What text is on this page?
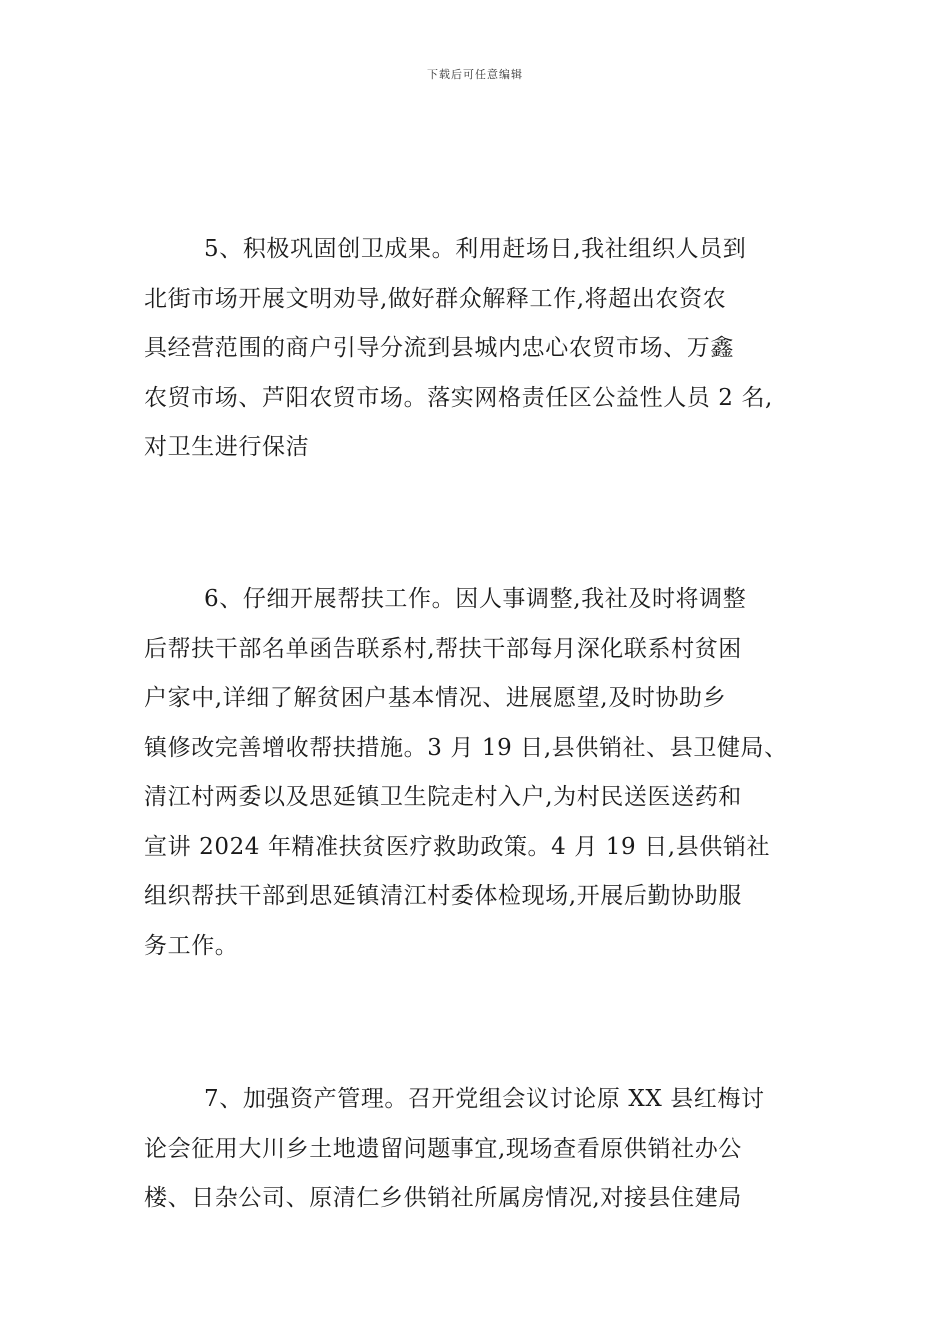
下载后可任意编辑
5、积极巩固创卫成果。利用赶场日,我社组织人员到
北街市场开展文明劝导,做好群众解释工作,将超出农资农
具经营范围的商户引导分流到县城内忠心农贸市场、万鑫
农贸市场、芦阳农贸市场。落实网格责任区公益性人员 2 名,
对卫生进行保洁
6、仔细开展帮扶工作。因人事调整,我社及时将调整
后帮扶干部名单函告联系村,帮扶干部每月深化联系村贫困
户家中,详细了解贫困户基本情况、进展愿望,及时协助乡
镇修改完善增收帮扶措施。3 月 19 日,县供销社、县卫健局、
清江村两委以及思延镇卫生院走村入户,为村民送医送药和
宣讲 2024 年精准扶贫医疗救助政策。4 月 19 日,县供销社
组织帮扶干部到思延镇清江村委体检现场,开展后勤协助服
务工作。
7、加强资产管理。召开党组会议讨论原 XX 县红梅讨
论会征用大川乡土地遗留问题事宜,现场查看原供销社办公
楼、日杂公司、原清仁乡供销社所属房情况,对接县住建局
